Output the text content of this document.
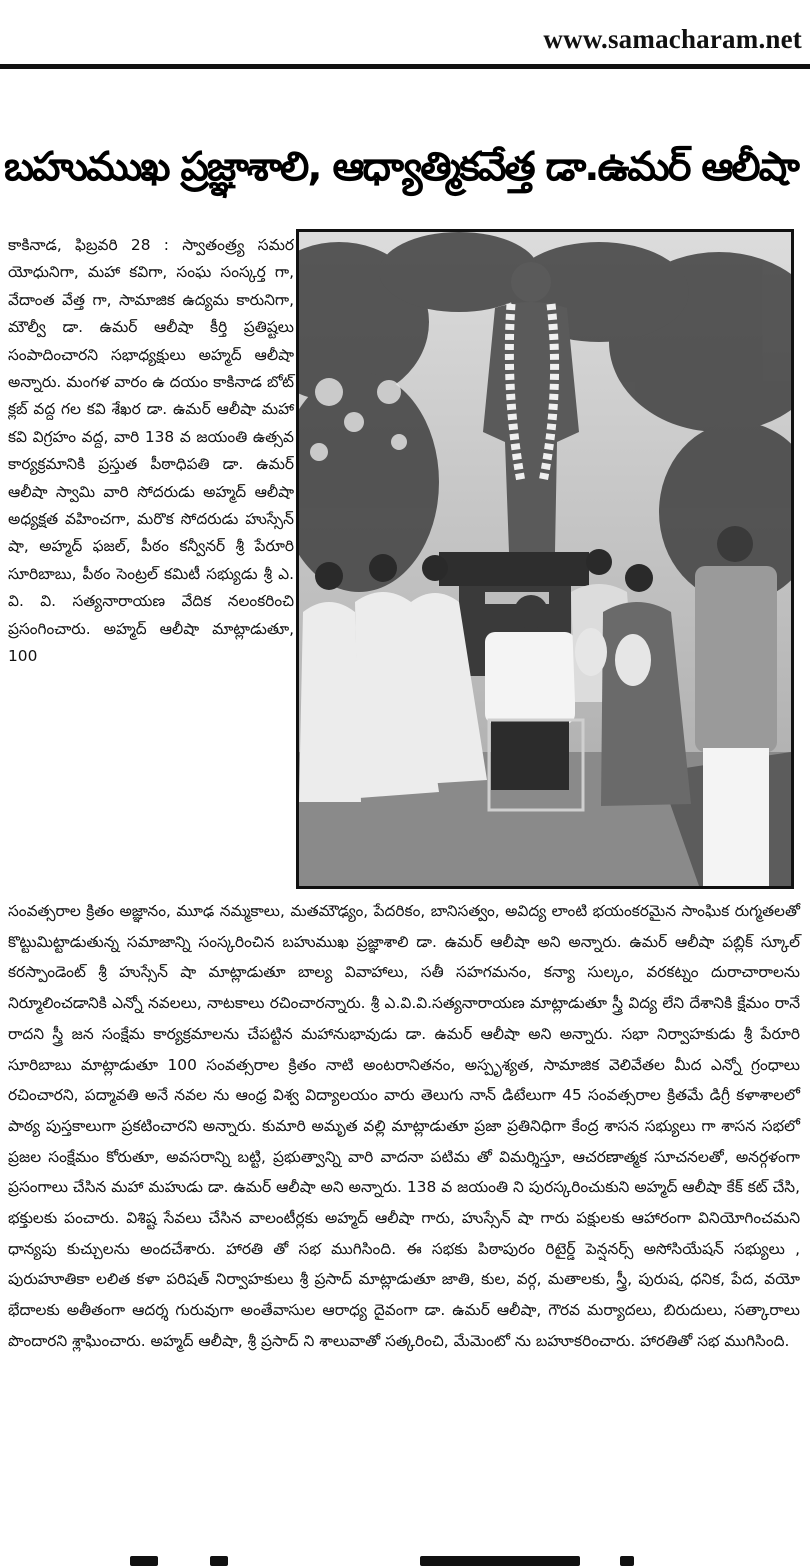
www.samacharam.net
బహుముఖ ప్రజ్ఞాశాలి, ఆధ్యాత్మికవేత్త డా.ఉమర్ ఆలీషా

కాకినాడ, ఫిబ్రవరి 28 : స్వాతంత్ర్య సమర యోధునిగా, మహా కవిగా, సంఘ సంస్కర్త గా, వేదాంత వేత్త గా, సామాజిక ఉద్యమ కారునిగా, మౌల్వీ డా. ఉమర్ ఆలీషా కీర్తి ప్రతిష్టలు సంపాదించారని సభాధ్యక్షులు అహ్మద్ ఆలీషా అన్నారు. మంగళ వారం ఉ దయం కాకినాడ బోట్ క్లబ్ వద్ద గల కవి శేఖర డా. ఉమర్ ఆలీషా మహా కవి విగ్రహం వద్ద, వారి 138 వ జయంతి ఉత్సవ కార్యక్రమానికి ప్రస్తుత పీఠాధిపతి డా. ఉమర్ ఆలీషా స్వామి వారి సోదరుడు అహ్మద్ ఆలీషా అధ్యక్షత వహించగా, మరొక సోదరుడు హుస్సేన్ షా, అహ్మద్ ఫజల్, పీఠం కన్వీనర్ శ్రీ పేరూరి సూరిబాబు, పీఠం సెంట్రల్ కమిటీ సభ్యుడు శ్రీ ఎ. వి. వి. సత్యనారాయణ వేదిక నలంకరించి ప్రసంగించారు. అహ్మద్ ఆలీషా మాట్లాడుతూ, 100

సంవత్సరాల క్రితం అజ్ఞానం, మూఢ నమ్మకాలు, మతమౌఢ్యం, పేదరికం, బానిసత్వం, అవిద్య లాంటి భయంకరమైన సాంఘిక రుగ్మతలతో కొట్టుమిట్టాడుతున్న సమాజాన్ని సంస్కరించిన బహుముఖ ప్రజ్ఞాశాలి డా. ఉమర్ ఆలీషా అని అన్నారు. ఉమర్ ఆలీషా పబ్లిక్ స్కూల్ కరస్పాండెంట్ శ్రీ హుస్సేన్ షా మాట్లాడుతూ బాల్య వివాహాలు, సతీ సహగమనం, కన్యా సుల్కం, వరకట్నం దురాచారాలను నిర్మూలించడానికి ఎన్నో నవలలు, నాటకాలు రచించారన్నారు. శ్రీ ఎ.వి.వి.సత్యనారాయణ మాట్లాడుతూ స్త్రీ విద్య లేని దేశానికి క్షేమం రానే రాదని స్త్రీ జన సంక్షేమ కార్యక్రమాలను చేపట్టిన మహానుభావుడు డా. ఉమర్ ఆలీషా అని అన్నారు. సభా నిర్వాహకుడు శ్రీ పేరూరి సూరిబాబు మాట్లాడుతూ 100 సంవత్సరాల క్రితం నాటి అంటరానితనం, అస్పృశ్యత, సామాజిక వెలివేతల మీద ఎన్నో గ్రంధాలు రచించారని, పద్మావతి అనే నవల ను ఆంధ్ర విశ్వ విద్యాలయం వారు తెలుగు నాన్ డిటేలుగా 45 సంవత్సరాల క్రితమే డిగ్రీ కళాశాలలో పాఠ్య పుస్తకాలుగా ప్రకటించారని అన్నారు. కుమారి అమృత వల్లి మాట్లాడుతూ ప్రజా ప్రతినిధిగా కేంద్ర శాసన సభ్యులు గా శాసన సభలో ప్రజల సంక్షేమం కోరుతూ, అవసరాన్ని బట్టి, ప్రభుత్వాన్ని వారి వాదనా పటిమ తో విమర్శిస్తూ, ఆచరణాత్మక సూచనలతో, అనర్గళంగా ప్రసంగాలు చేసిన మహా మహుడు డా. ఉమర్ ఆలీషా అని అన్నారు. 138 వ జయంతి ని పురస్కరించుకుని అహ్మద్ ఆలీషా కేక్ కట్ చేసి, భక్తులకు పంచారు. విశిష్ట సేవలు చేసిన వాలంటీర్లకు అహ్మద్ ఆలీషా గారు, హుస్సేన్ షా గారు పక్షులకు ఆహారంగా వినియోగించమని ధాన్యపు కుచ్చులను అందచేశారు. హారతి తో సభ ముగిసింది. ఈ సభకు పిఠాపురం రిటైర్డ్ పెన్షనర్స్ అసోసియేషన్ సభ్యులు , పురుహూతికా లలిత కళా పరిషత్ నిర్వాహకులు శ్రీ ప్రసాద్ మాట్లాడుతూ జాతి, కుల, వర్గ, మతాలకు, స్త్రీ, పురుష, ధనిక, పేద, వయో భేదాలకు అతీతంగా ఆదర్శ గురువుగా అంతేవాసుల ఆరాధ్య దైవంగా డా. ఉమర్ ఆలీషా, గౌరవ మర్యాదలు, బిరుదులు, సత్కారాలు పొందారని శ్లాఘించారు. అహ్మద్ ఆలీషా, శ్రీ ప్రసాద్ ని శాలువాతో సత్కరించి, మేమెంటో ను బహూకరించారు. హారతితో సభ ముగిసింది.
